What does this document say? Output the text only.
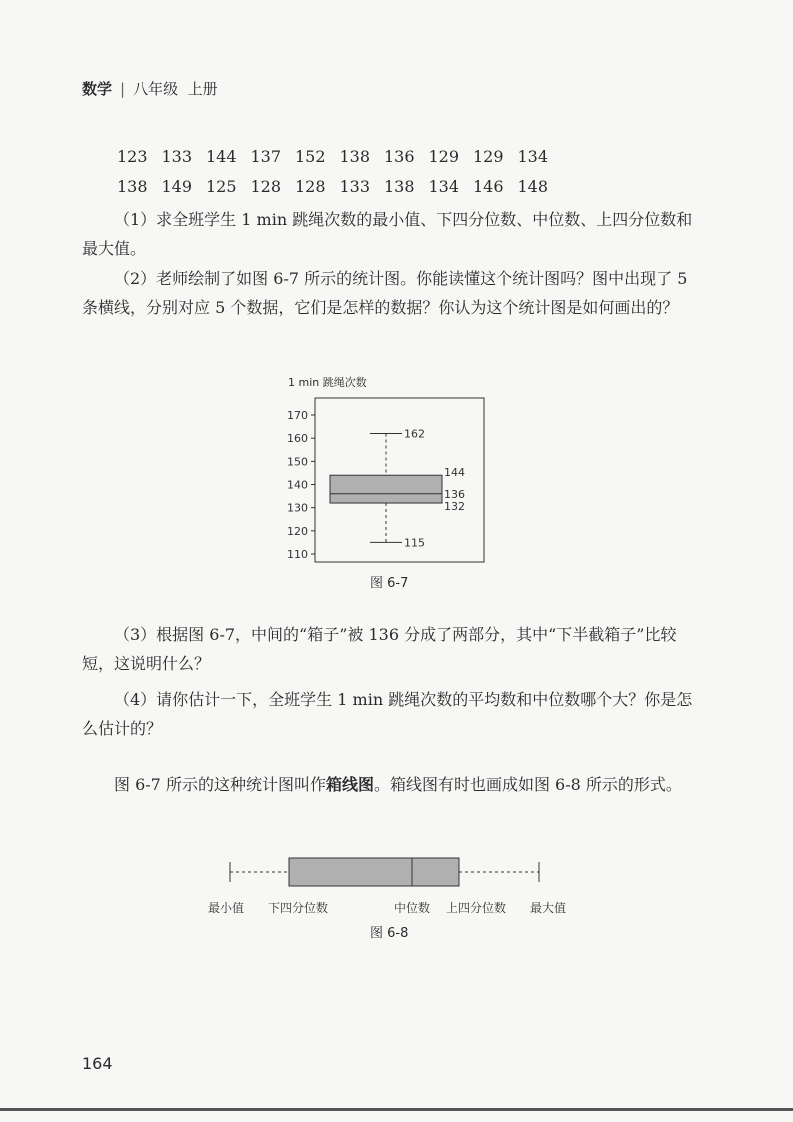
数学 | 八年级 上册
123 133 144 137 152 138 136 129 129 134
138 149 125 128 128 133 138 134 146 148
（1）求全班学生 1 min 跳绳次数的最小值、下四分位数、中位数、上四分位数和最大值。
（2）老师绘制了如图 6-7 所示的统计图。你能读懂这个统计图吗？图中出现了 5 条横线，分别对应 5 个数据，它们是怎样的数据？你认为这个统计图是如何画出的？
1 min 跳绳次数
110
120
130
140
150
160
170
162
115
144
136
132
图 6-7
（3）根据图 6-7，中间的“箱子”被 136 分成了两部分，其中“下半截箱子”比较短，这说明什么？
（4）请你估计一下，全班学生 1 min 跳绳次数的平均数和中位数哪个大？你是怎么估计的？
图 6-7 所示的这种统计图叫作箱线图。箱线图有时也画成如图 6-8 所示的形式。
最小值 下四分位数	中位数 上四分位数 最大值
图 6-8
164
